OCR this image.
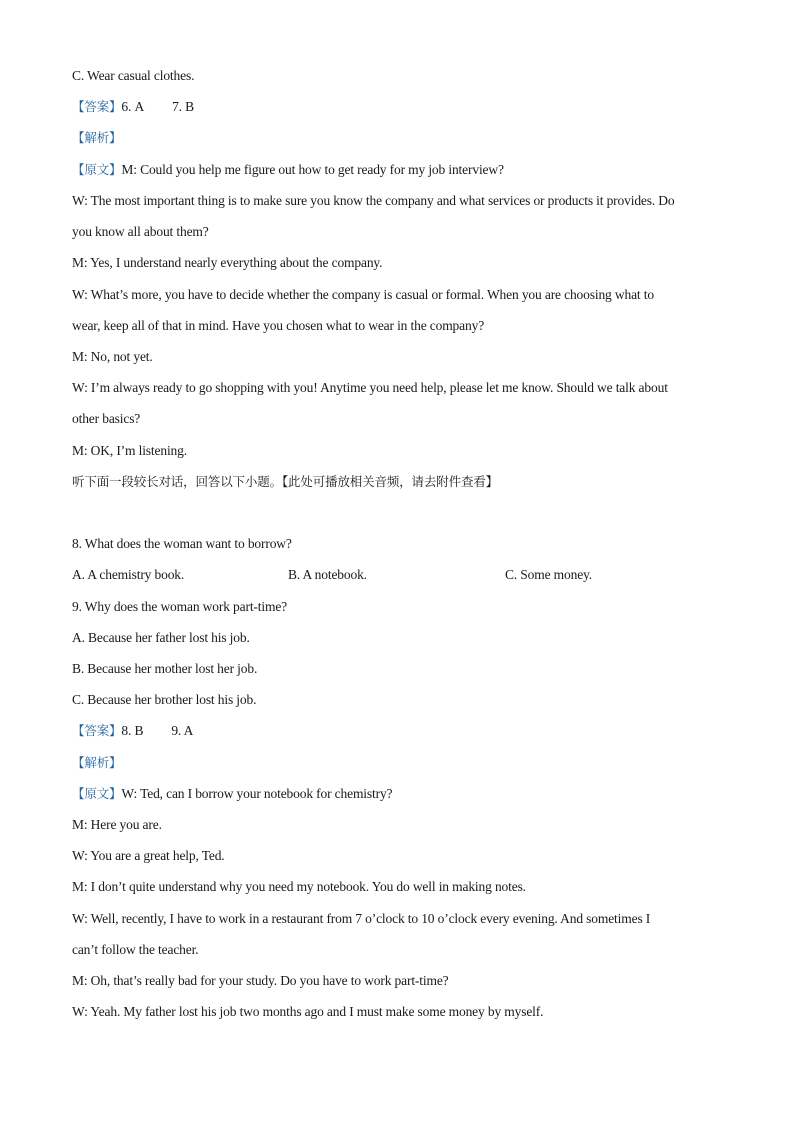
C. Wear casual clothes.
【答案】6. A 7. B
【解析】
【原文】M: Could you help me figure out how to get ready for my job interview?
W: The most important thing is to make sure you know the company and what services or products it provides. Do
you know all about them?
M: Yes, I understand nearly everything about the company.
W: What’s more, you have to decide whether the company is casual or formal. When you are choosing what to
wear, keep all of that in mind. Have you chosen what to wear in the company?
M: No, not yet.
W: I’m always ready to go shopping with you! Anytime you need help, please let me know. Should we talk about
other basics?
M: OK, I’m listening.
听下面一段较长对话，回答以下小题。【此处可播放相关音频，请去附件查看】
8. What does the woman want to borrow?
A. A chemistry book.	B. A notebook.	C. Some money.
9. Why does the woman work part-time?
A. Because her father lost his job.
B. Because her mother lost her job.
C. Because her brother lost his job.
【答案】8. B 9. A
【解析】
【原文】W: Ted, can I borrow your notebook for chemistry?
M: Here you are.
W: You are a great help, Ted.
M: I don’t quite understand why you need my notebook. You do well in making notes.
W: Well, recently, I have to work in a restaurant from 7 o’clock to 10 o’clock every evening. And sometimes I
can’t follow the teacher.
M: Oh, that’s really bad for your study. Do you have to work part-time?
W: Yeah. My father lost his job two months ago and I must make some money by myself.
